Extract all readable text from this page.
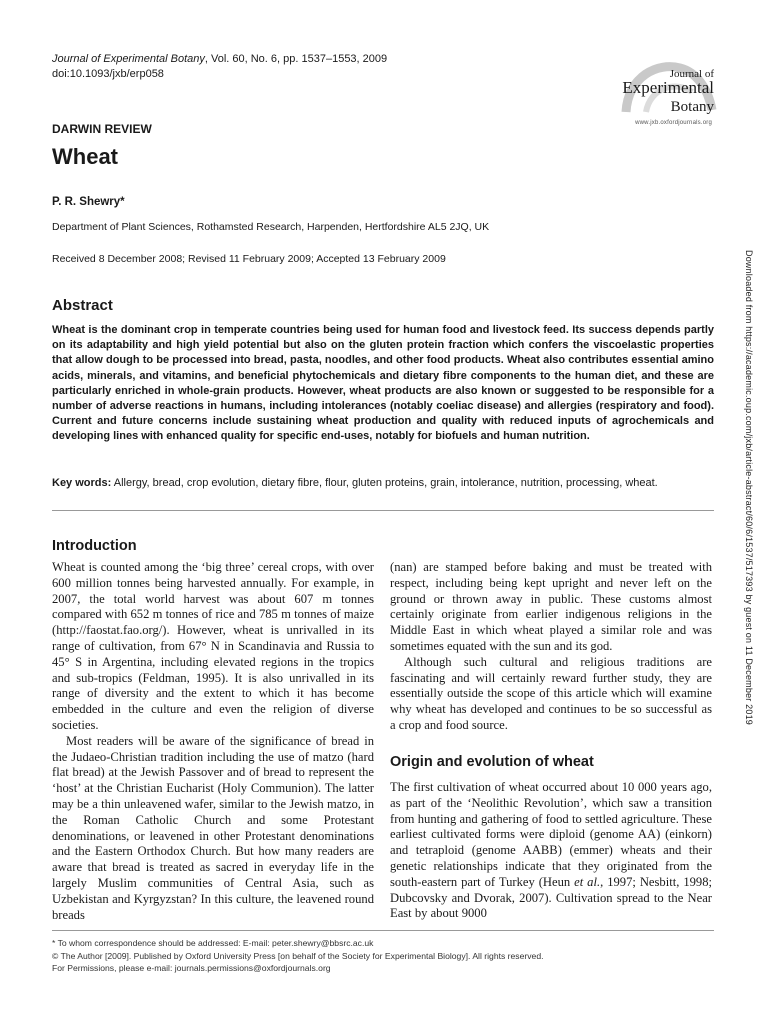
Journal of Experimental Botany, Vol. 60, No. 6, pp. 1537–1553, 2009
doi:10.1093/jxb/erp058	Journal of
Experimental
Botany
www.jxb.oxfordjournals.org
DARWIN REVIEW
Wheat
P. R. Shewry*
Department of Plant Sciences, Rothamsted Research, Harpenden, Hertfordshire AL5 2JQ, UK
Received 8 December 2008; Revised 11 February 2009; Accepted 13 February 2009
Abstract

Wheat is the dominant crop in temperate countries being used for human food and livestock feed. Its success depends partly on its adaptability and high yield potential but also on the gluten protein fraction which confers the viscoelastic properties that allow dough to be processed into bread, pasta, noodles, and other food products. Wheat also contributes essential amino acids, minerals, and vitamins, and beneficial phytochemicals and dietary fibre components to the human diet, and these are particularly enriched in whole-grain products. However, wheat products are also known or suggested to be responsible for a number of adverse reactions in humans, including intolerances (notably coeliac disease) and allergies (respiratory and food). Current and future concerns include sustaining wheat production and quality with reduced inputs of agrochemicals and developing lines with enhanced quality for specific end-uses, notably for biofuels and human nutrition.

Key words: Allergy, bread, crop evolution, dietary fibre, flour, gluten proteins, grain, intolerance, nutrition, processing, wheat.
Introduction

Wheat is counted among the ‘big three’ cereal crops, with over 600 million tonnes being harvested annually. For example, in 2007, the total world harvest was about 607 m tonnes compared with 652 m tonnes of rice and 785 m tonnes of maize (http://faostat.fao.org/). However, wheat is unrivalled in its range of cultivation, from 67° N in Scandinavia and Russia to 45° S in Argentina, including elevated regions in the tropics and sub-tropics (Feldman, 1995). It is also unrivalled in its range of diversity and the extent to which it has become embedded in the culture and even the religion of diverse societies.

Most readers will be aware of the significance of bread in the Judaeo-Christian tradition including the use of matzo (hard flat bread) at the Jewish Passover and of bread to represent the ‘host’ at the Christian Eucharist (Holy Communion). The latter may be a thin unleavened wafer, similar to the Jewish matzo, in the Roman Catholic Church and some Protestant denominations, or leavened in other Protestant denominations and the Eastern Orthodox Church. But how many readers are aware that bread is treated as sacred in everyday life in the largely Muslim communities of Central Asia, such as Uzbekistan and Kyrgyzstan? In this culture, the leavened round breads

(nan) are stamped before baking and must be treated with respect, including being kept upright and never left on the ground or thrown away in public. These customs almost certainly originate from earlier indigenous religions in the Middle East in which wheat played a similar role and was sometimes equated with the sun and its god.

Although such cultural and religious traditions are fascinating and will certainly reward further study, they are essentially outside the scope of this article which will examine why wheat has developed and continues to be so successful as a crop and food source.

Origin and evolution of wheat

The first cultivation of wheat occurred about 10 000 years ago, as part of the ‘Neolithic Revolution’, which saw a transition from hunting and gathering of food to settled agriculture. These earliest cultivated forms were diploid (genome AA) (einkorn) and tetraploid (genome AABB) (emmer) wheats and their genetic relationships indicate that they originated from the south-eastern part of Turkey (Heun et al., 1997; Nesbitt, 1998; Dubcovsky and Dvorak, 2007). Cultivation spread to the Near East by about 9000

* To whom correspondence should be addressed: E-mail: peter.shewry@bbsrc.ac.uk
© The Author [2009]. Published by Oxford University Press [on behalf of the Society for Experimental Biology]. All rights reserved.
For Permissions, please e-mail: journals.permissions@oxfordjournals.org
Downloaded from https://academic.oup.com/jxb/article-abstract/60/6/1537/517393 by guest on 11 December 2019
